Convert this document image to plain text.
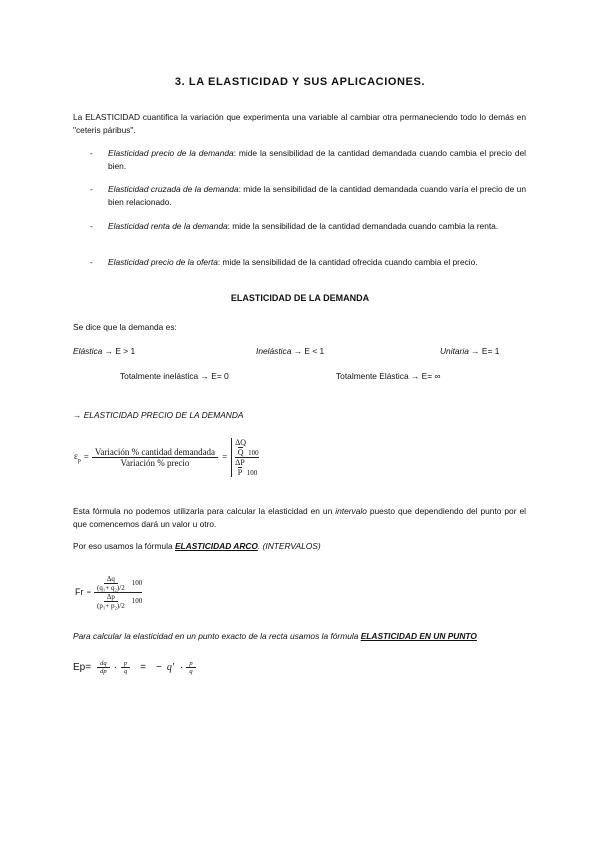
3. LA ELASTICIDAD Y SUS APLICACIONES.
La ELASTICIDAD cuantifica la variación que experimenta una variable al cambiar otra permaneciendo todo lo demás en "ceteris páribus".
- Elasticidad precio de la demanda: mide la sensibilidad de la cantidad demandada cuando cambia el precio del bien.
- Elasticidad cruzada de la demanda: mide la sensibilidad de la cantidad demandada cuando varía el precio de un bien relacionado.
- Elasticidad renta de la demanda: mide la sensibilidad de la cantidad demandada cuando cambia la renta.
- Elasticidad precio de la oferta: mide la sensibilidad de la cantidad ofrecida cuando cambia el precio.
ELASTICIDAD DE LA DEMANDA
Se dice que la demanda es:
Elástica → E > 1	Inelástica → E < 1	Unitaria → E= 1
Totalmente inelástica → E= 0	Totalmente Elástica → E= ∞
→ ELASTICIDAD PRECIO DE LA DEMANDA
$\varepsilon_p = \frac{\text{Variación \% cantidad demandada}}{\text{Variación \% precio}}$ =
$\frac{\Delta Q}{Q} 100$
$\frac{\Delta P}{P} 100$
Esta fórmula no podemos utilizarla para calcular la elasticidad en un intervalo puesto que dependiendo del punto por el que comencemos dará un valor u otro.
Por eso usamos la fórmula ELASTICIDAD ARCO. (INTERVALOS)
$Fr = \frac{\frac{\Delta q}{\text{(q₁+ q₂)/2}} 100}{\frac{\Delta p}{\text{(p₁+ p₂)/2}} 100}$
Para calcular la elasticidad en un punto exacto de la recta usamos la fórmula ELASTICIDAD EN UN PUNTO
$Ep= \frac{dq}{dp} \cdot \frac{p}{q}$ = − $q' \cdot \frac{p}{q}$
